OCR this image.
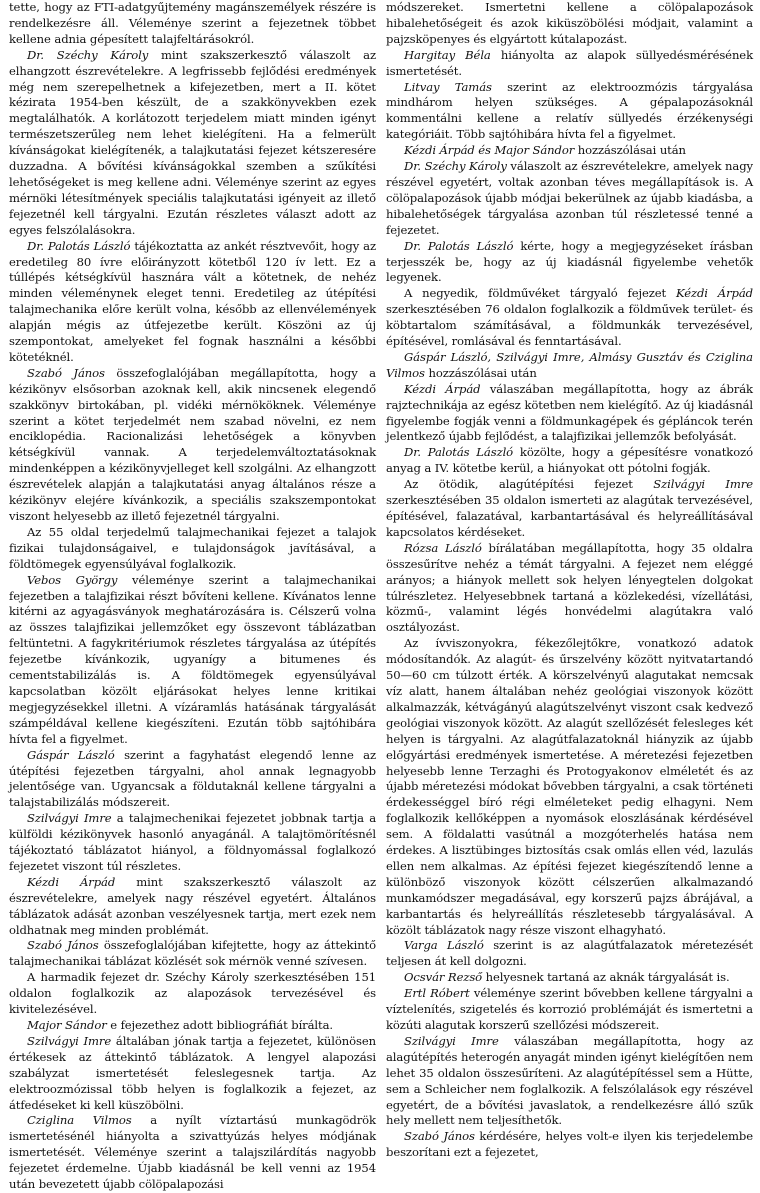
tette, hogy az FTI-adatgyűjtemény magánszemélyek részére is rendelkezésre áll. Véleménye szerint a fejezetnek többet kellene adnia gépesített talajfeltárásokról.

Dr. Széchy Károly mint szakszerkesztő válaszolt az elhangzott észrevételekre. A legfrissebb fejlődési eredmények még nem szerepelhetnek a kifejezetben, mert a II. kötet kézirata 1954-ben készült, de a szakkönyvekben ezek megtalálhatók. A korlátozott terjedelem miatt minden igényt természetszerűleg nem lehet kielégíteni. Ha a felmerült kívánságokat kielégítenék, a talajkutatási fejezet kétszeresére duzzadna. A bővítési kívánságokkal szemben a szűkítési lehetőségeket is meg kellene adni. Véleménye szerint az egyes mérnöki létesítmények speciális talajkutatási igényeit az illető fejezetnél kell tárgyalni. Ezután részletes választ adott az egyes felszólalásokra.

Dr. Palotás László tájékoztatta az ankét résztvevőit, hogy az eredetileg 80 ívre előirányzott kötetből 120 ív lett. Ez a túllépés kétségkívül hasznára vált a kötetnek, de nehéz minden véleménynek eleget tenni. Eredetileg az útépítési talajmechanika előre került volna, később az ellenvélemények alapján mégis az útfejezetbe került. Köszöni az új szempontokat, amelyeket fel fognak használni a későbbi kötetéknél.

Szabó János összefoglalójában megállapította, hogy a kézikönyv elsősorban azoknak kell, akik nincsenek elegendő szakkönyv birtokában, pl. vidéki mérnököknek. Véleménye szerint a kötet terjedelmét nem szabad növelni, ez nem enciklopédia. Racionalizási lehetőségek a könyvben kétségkívül vannak. A terjedelemváltoztatásoknak mindenképpen a kézikönyvjelleget kell szolgálni. Az elhangzott észrevételek alapján a talajkutatási anyag általános része a kézikönyv elejére kívánkozik, a speciális szakszempontokat viszont helyesebb az illető fejezetnél tárgyalni.

Az 55 oldal terjedelmű talajmechanikai fejezet a talajok fizikai tulajdonságaivel, e tulajdonságok javításával, a földtömegek egyensúlyával foglalkozik.

Vebos György véleménye szerint a talajmechanikai fejezetben a talajfizikai részt bővíteni kellene. Kívánatos lenne kitérni az agyagásványok meghatározására is. Célszerű volna az összes talajfizikai jellemzőket egy összevont táblázatban feltüntetni. A fagykritériumok részletes tárgyalása az útépítés fejezetbe kívánkozik, ugyanígy a bitumenes és cementstabilizálás is. A földtömegek egyensúlyával kapcsolatban közölt eljárásokat helyes lenne kritikai megjegyzésekkel illetni. A vízáramlás hatásának tárgyalását számpéldával kellene kiegészíteni. Ezután több sajtóhibára hívta fel a figyelmet.

Gáspár László szerint a fagyhatást elegendő lenne az útépítési fejezetben tárgyalni, ahol annak legnagyobb jelentősége van. Ugyancsak a földutaknál kellene tárgyalni a talajstabilizálás módszereit.

Szilvágyi Imre a talajmechenikai fejezetet jobbnak tartja a külföldi kézikönyvek hasonló anyagánál. A talajtömörítésnél tájékoztató táblázatot hiányol, a földnyomással foglalkozó fejezetet viszont túl részletes.

Kézdi Árpád mint szakszerkesztő válaszolt az észrevételekre, amelyek nagy részével egyetért. Általános táblázatok adását azonban veszélyesnek tartja, mert ezek nem oldhatnak meg minden problémát.

Szabó János összefoglalójában kifejtette, hogy az áttekintő talajmechanikai táblázat közlését sok mérnök venné szívesen.

A harmadik fejezet dr. Széchy Károly szerkesztésében 151 oldalon foglalkozik az alapozások tervezésével és kivitelezésével.

Major Sándor e fejezethez adott bibliográfiát bírálta.

Szilvágyi Imre általában jónak tartja a fejezetet, különösen értékesek az áttekintő táblázatok. A lengyel alapozási szabályzat ismertetését feleslegesnek tartja. Az elektroozmózissal több helyen is foglalkozik a fejezet, az átfedéseket ki kell küszöbölni.

Cziglina Vilmos a nyílt víztartású munkagödrök ismertetésénél hiányolta a szivattyúzás helyes módjának ismertetését. Véleménye szerint a talajszilárdítás nagyobb fejezetet érdemelne. Újabb kiadásnál be kell venni az 1954 után bevezetett újabb cölöpalapozási

módszereket. Ismertetni kellene a cölöpalapozások hibalehetőségeit és azok kiküszöbölési módjait, valamint a pajzsköpenyes és elgyártott kútalapozást.

Hargitay Béla hiányolta az alapok süllyedésmérésének ismertetését.

Litvay Tamás szerint az elektroozmózis tárgyalása mindhárom helyen szükséges. A gépalapozásoknál kommentálni kellene a relatív süllyedés érzékenységi kategóriáit. Több sajtóhibára hívta fel a figyelmet.

Kézdi Árpád és Major Sándor hozzászólásai után

Dr. Széchy Károly válaszolt az észrevételekre, amelyek nagy részével egyetért, voltak azonban téves megállapítások is. A cölöpalapozások újabb módjai bekerülnek az újabb kiadásba, a hibalehetőségek tárgyalása azonban túl részletessé tenné a fejezetet.

Dr. Palotás László kérte, hogy a megjegyzéseket írásban terjesszék be, hogy az új kiadásnál figyelembe vehetők legyenek.

A negyedik, földművéket tárgyaló fejezet Kézdi Árpád szerkesztésében 76 oldalon foglalkozik a földművek terület- és köbtartalom számításával, a földmunkák tervezésével, építésével, romlásával és fenntartásával.

Gáspár László, Szilvágyi Imre, Almásy Gusztáv és Cziglina Vilmos hozzászólásai után

Kézdi Árpád válaszában megállapította, hogy az ábrák rajztechnikája az egész kötetben nem kielégítő. Az új kiadásnál figyelembe fogják venni a földmunkagépek és gépláncok terén jelentkező újabb fejlődést, a talajfizikai jellemzők befolyását.

Dr. Palotás László közölte, hogy a gépesítésre vonatkozó anyag a IV. kötetbe kerül, a hiányokat ott pótolni fogják.

Az ötödik, alagútépítési fejezet Szilvágyi Imre szerkesztésében 35 oldalon ismerteti az alagútak tervezésével, építésével, falazatával, karbantartásával és helyreállításával kapcsolatos kérdéseket.

Rózsa László bírálatában megállapította, hogy 35 oldalra összesűrítve nehéz a témát tárgyalni. A fejezet nem eléggé arányos; a hiányok mellett sok helyen lényegtelen dolgokat túlrészletez. Helyesebbnek tartaná a közlekedési, vízellátási, közmű-, valamint légés honvédelmi alagútakra való osztályozást.

Az ívviszonyokra, fékezőlejtőkre, vonatkozó adatok módosítandók. Az alagút- és űrszelvény között nyitvatartandó 50—60 cm túlzott érték. A körszelvényű alagutakat nemcsak víz alatt, hanem általában nehéz geológiai viszonyok között alkalmazzák, kétvágányú alagútszelvényt viszont csak kedvező geológiai viszonyok között. Az alagút szellőzését felesleges két helyen is tárgyalni. Az alagútfalazatoknál hiányzik az újabb előgyártási eredmények ismertetése. A méretezési fejezetben helyesebb lenne Terzaghi és Protogyakonov elméletét és az újabb méretezési módokat bővebben tárgyalni, a csak történeti érdekességgel bíró régi elméleteket pedig elhagyni. Nem foglalkozik kellőképpen a nyomások eloszlásának kérdésével sem. A földalatti vasútnál a mozgóterhelés hatása nem érdekes. A lisztübinges biztosítás csak omlás ellen véd, lazulás ellen nem alkalmas. Az építési fejezet kiegészítendő lenne a különböző viszonyok között célszerűen alkalmazandó munkamódszer megadásával, egy korszerű pajzs ábrájával, a karbantartás és helyreállítás részletesebb tárgyalásával. A közölt táblázatok nagy része viszont elhagyható.

Varga László szerint is az alagútfalazatok méretezését teljesen át kell dolgozni.

Ocsvár Rezső helyesnek tartaná az aknák tárgyalását is.

Ertl Róbert véleménye szerint bővebben kellene tárgyalni a víztelenítés, szigetelés és korrozió problémáját és ismertetni a közúti alagutak korszerű szellőzési módszereit.

Szilvágyi Imre válaszában megállapította, hogy az alagútépítés heterogén anyagát minden igényt kielégítően nem lehet 35 oldalon összesűríteni. Az alagútépítéssel sem a Hütte, sem a Schleicher nem foglalkozik. A felszólalások egy részével egyetért, de a bővítési javaslatok, a rendelkezésre álló szűk hely mellett nem teljesíthetők.

Szabó János kérdésére, helyes volt-e ilyen kis terjedelembe beszorítani ezt a fejezetet,
